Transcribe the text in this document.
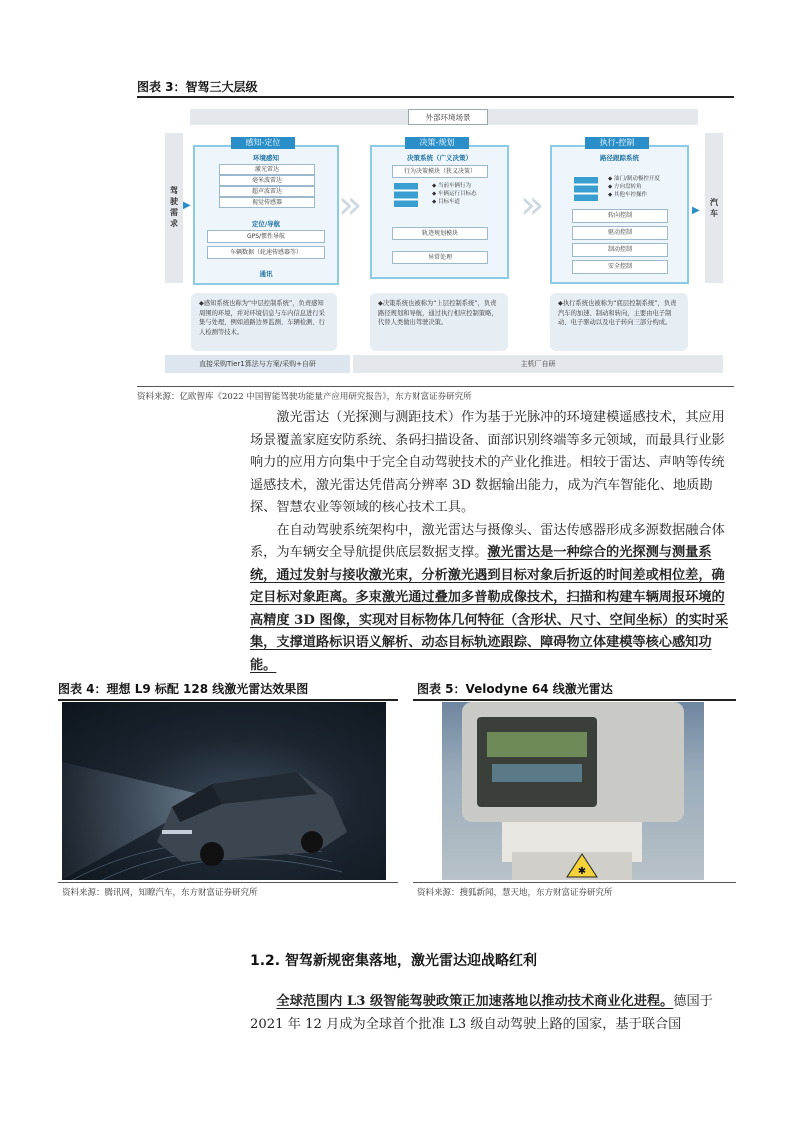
图表 3：智驾三大层级
外部环境场景
驾驶需求
汽车
▶	▶
环境感知
激光雷达
毫米波雷达
超声波雷达
视觉传感器
定位/导航
GPS/惯性导航
车辆数据（轮速传感器等）
通讯
感知-定位
»	»
决策系统（广义决策）
行为决策模块（狭义决策）
◆ 当前车辆行为
◆ 车辆运行目标态
◆ 目标车道
轨迹规划模块
异常处理
决策-规划
路径跟踪系统
◆ 油门/制动极控开度
◆ 方向盘转角
◆ 其他车控操作
转向控制
驱动控制
制动控制
安全控制
执行-控制
◆感知系统也称为“中层控制系统”，负责感知周围的环境，并对环境信息与车内信息进行采集与处理，例如道路边界监测、车辆检测、行人检测等技术。
◆决策系统也被称为“上层控制系统”，负责路径规划和导航，通过执行相应控制策略，代替人类做出驾驶决策。
◆执行系统也被称为“底层控制系统”，负责汽车的加速、制动和转向，主要由电子制动、电子驱动以及电子转向三部分构成。
直接采购Tier1算法与方案/采购+自研	主机厂自研
资料来源：亿欧智库《2022 中国智能驾驶功能量产应用研究报告》，东方财富证券研究所

激光雷达（光探测与测距技术）作为基于光脉冲的环境建模遥感技术，其应用场景覆盖家庭安防系统、条码扫描设备、面部识别终端等多元领域，而最具行业影响力的应用方向集中于完全自动驾驶技术的产业化推进。相较于雷达、声呐等传统遥感技术，激光雷达凭借高分辨率 3D 数据输出能力，成为汽车智能化、地质勘探、智慧农业等领域的核心技术工具。

在自动驾驶系统架构中，激光雷达与摄像头、雷达传感器形成多源数据融合体系，为车辆安全导航提供底层数据支撑。激光雷达是一种综合的光探测与测量系统，通过发射与接收激光束，分析激光遇到目标对象后折返的时间差或相位差，确定目标对象距离。多束激光通过叠加多普勒成像技术，扫描和构建车辆周报环境的高精度 3D 图像，实现对目标物体几何特征（含形状、尺寸、空间坐标）的实时采集，支撑道路标识语义解析、动态目标轨迹跟踪、障碍物立体建模等核心感知功能。

图表 4：理想 L9 标配 128 线激光雷达效果图	图表 5：Velodyne 64 线激光雷达
✱
资料来源：腾讯网，知瞭汽车，东方财富证券研究所	资料来源：搜狐新闻，慧天地，东方财富证券研究所
1.2. 智驾新规密集落地，激光雷达迎战略红利

全球范围内 L3 级智能驾驶政策正加速落地以推动技术商业化进程。德国于 2021 年 12 月成为全球首个批准 L3 级自动驾驶上路的国家，基于联合国
